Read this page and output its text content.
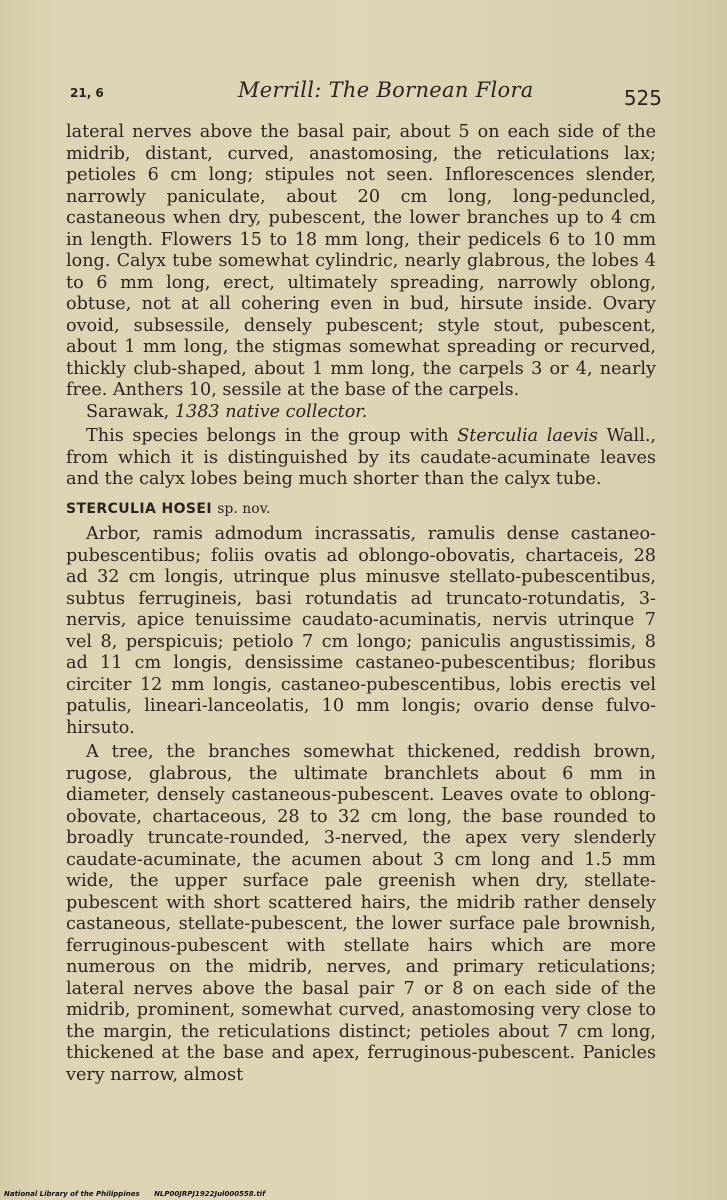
21, 6	Merrill: The Bornean Flora	525

lateral nerves above the basal pair, about 5 on each side of the midrib, distant, curved, anastomosing, the reticulations lax; petioles 6 cm long; stipules not seen. Inflorescences slender, narrowly paniculate, about 20 cm long, long-peduncled, castaneous when dry, pubescent, the lower branches up to 4 cm in length. Flowers 15 to 18 mm long, their pedicels 6 to 10 mm long. Calyx tube somewhat cylindric, nearly glabrous, the lobes 4 to 6 mm long, erect, ultimately spreading, narrowly oblong, obtuse, not at all cohering even in bud, hirsute inside. Ovary ovoid, subsessile, densely pubescent; style stout, pubescent, about 1 mm long, the stigmas somewhat spreading or recurved, thickly club-shaped, about 1 mm long, the carpels 3 or 4, nearly free. Anthers 10, sessile at the base of the carpels.

Sarawak, 1383 native collector.

This species belongs in the group with Sterculia laevis Wall., from which it is distinguished by its caudate-acuminate leaves and the calyx lobes being much shorter than the calyx tube.

STERCULIA HOSEI sp. nov.

Arbor, ramis admodum incrassatis, ramulis dense castaneo-pubescentibus; foliis ovatis ad oblongo-obovatis, chartaceis, 28 ad 32 cm longis, utrinque plus minusve stellato-pubescentibus, subtus ferrugineis, basi rotundatis ad truncato-rotundatis, 3-nervis, apice tenuissime caudato-acuminatis, nervis utrinque 7 vel 8, perspicuis; petiolo 7 cm longo; paniculis angustissimis, 8 ad 11 cm longis, densissime castaneo-pubescentibus; floribus circiter 12 mm longis, castaneo-pubescentibus, lobis erectis vel patulis, lineari-lanceolatis, 10 mm longis; ovario dense fulvo-hirsuto.

A tree, the branches somewhat thickened, reddish brown, rugose, glabrous, the ultimate branchlets about 6 mm in diameter, densely castaneous-pubescent. Leaves ovate to oblong-obovate, chartaceous, 28 to 32 cm long, the base rounded to broadly truncate-rounded, 3-nerved, the apex very slenderly caudate-acuminate, the acumen about 3 cm long and 1.5 mm wide, the upper surface pale greenish when dry, stellate-pubescent with short scattered hairs, the midrib rather densely castaneous, stellate-pubescent, the lower surface pale brownish, ferruginous-pubescent with stellate hairs which are more numerous on the midrib, nerves, and primary reticulations; lateral nerves above the basal pair 7 or 8 on each side of the midrib, prominent, somewhat curved, anastomosing very close to the margin, the reticulations distinct; petioles about 7 cm long, thickened at the base and apex, ferruginous-pubescent. Panicles very narrow, almost

National Library of the Philippines NLP00JRPJ1922Jul000558.tif
